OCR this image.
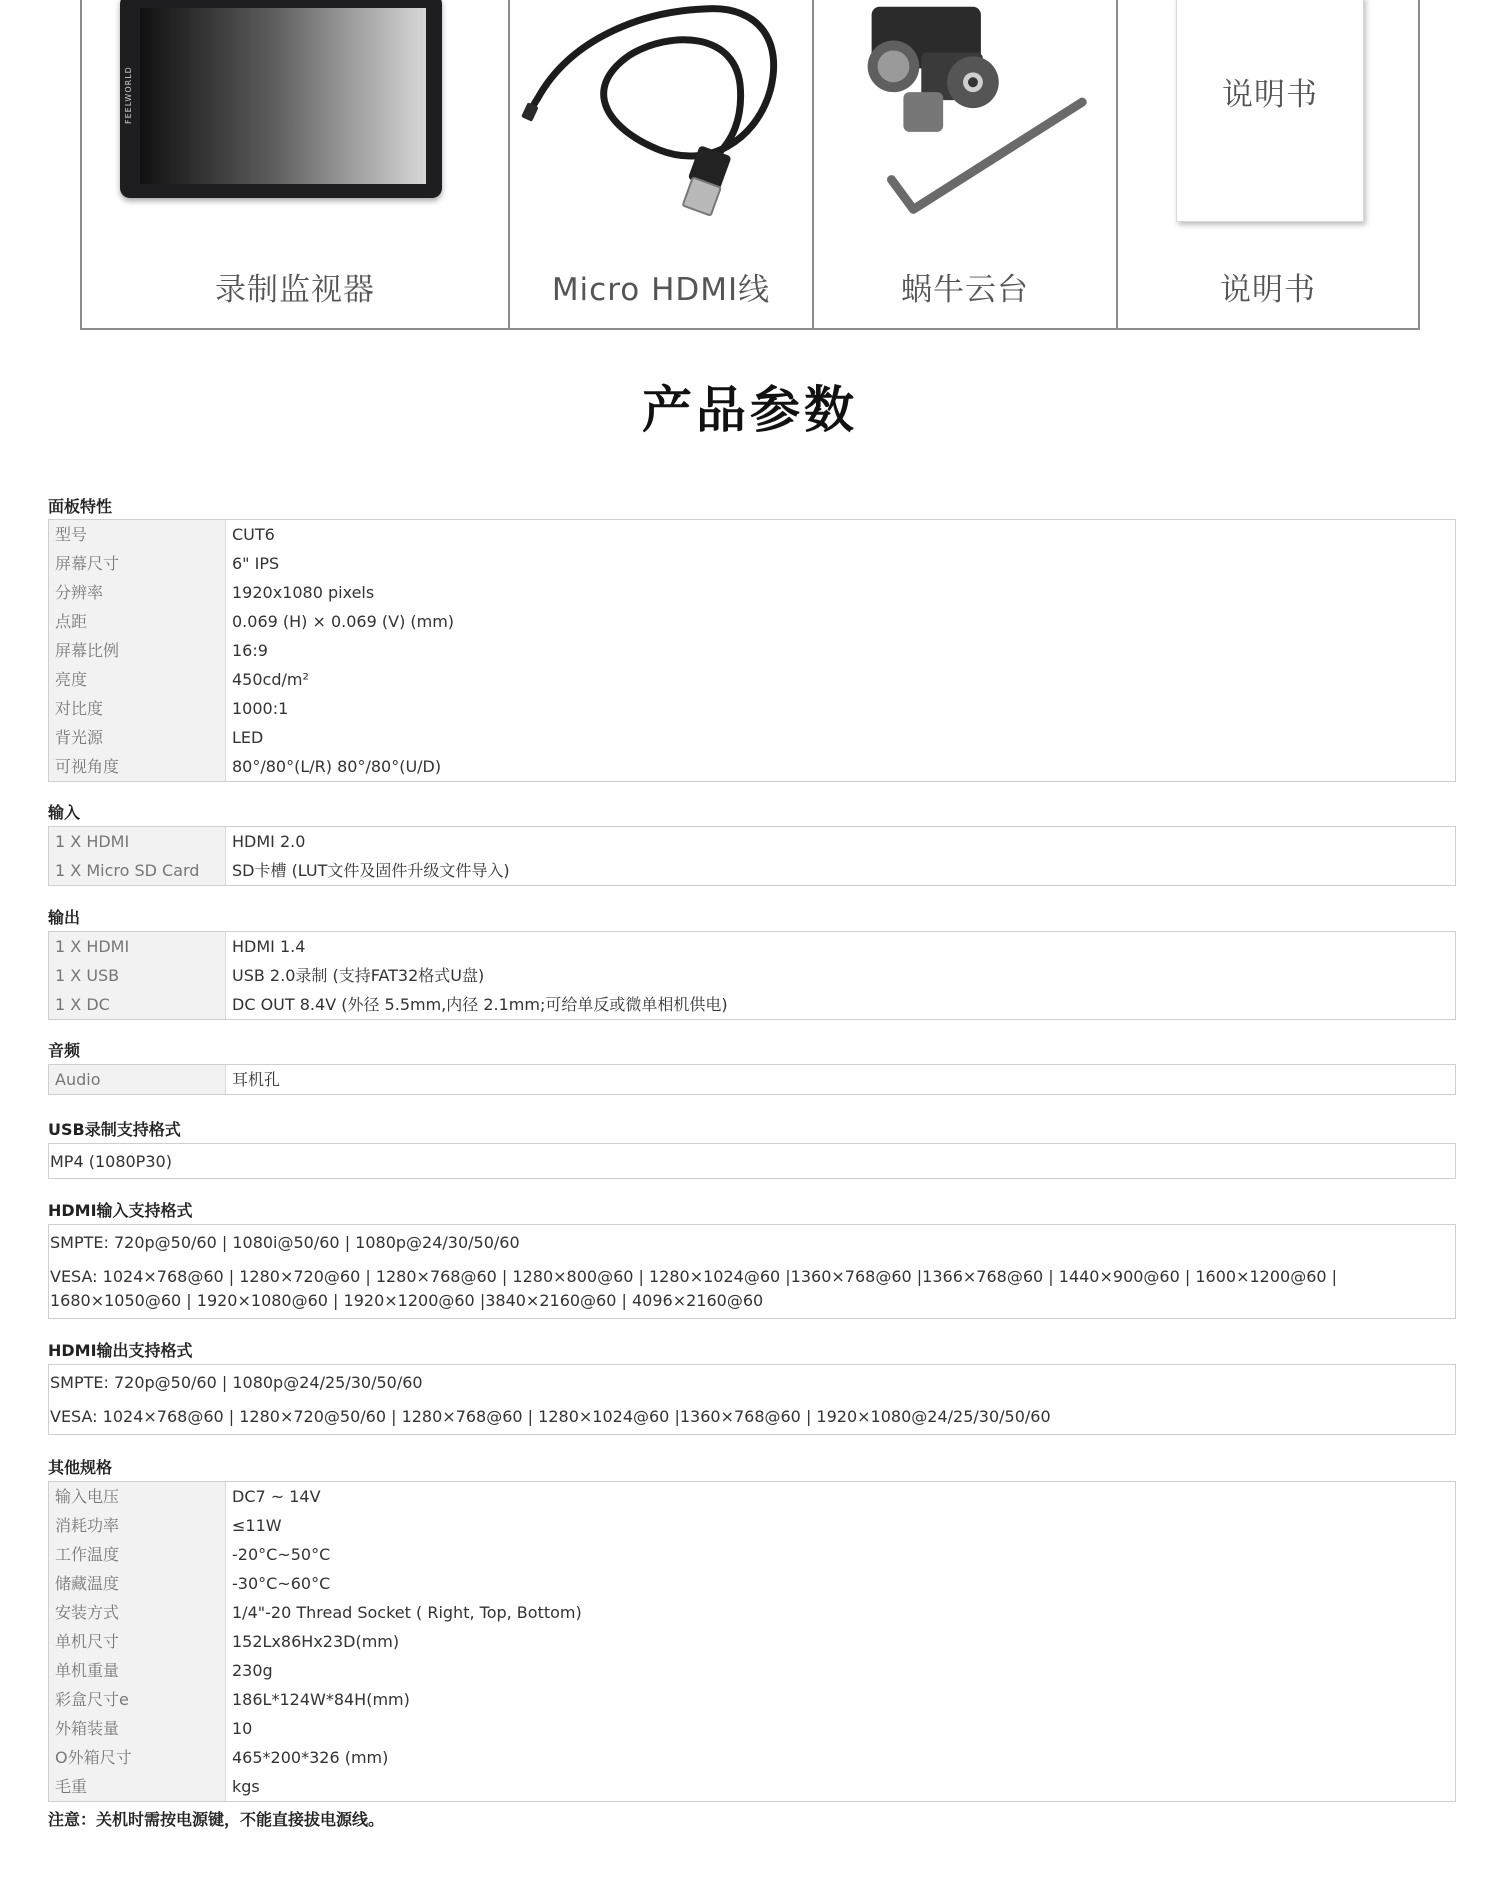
FEELWORLD
录制监视器	Micro HDMI线	蜗牛云台
说明书
说明书
产品参数
面板特性
型号	CUT6
屏幕尺寸	6" IPS
分辨率	1920x1080 pixels
点距	0.069 (H) × 0.069 (V) (mm)
屏幕比例	16:9
亮度	450cd/m²
对比度	1000:1
背光源	LED
可视角度	80°/80°(L/R) 80°/80°(U/D)
输入
1 X HDMI	HDMI 2.0
1 X Micro SD Card	SD卡槽 (LUT文件及固件升级文件导入)
输出
1 X HDMI	HDMI 1.4
1 X USB	USB 2.0录制 (支持FAT32格式U盘)
1 X DC	DC OUT 8.4V (外径 5.5mm,内径 2.1mm;可给单反或微单相机供电)
音频
Audio	耳机孔
USB录制支持格式

MP4 (1080P30)

HDMI输入支持格式

SMPTE: 720p@50/60 | 1080i@50/60 | 1080p@24/30/50/60

VESA: 1024×768@60 | 1280×720@60 | 1280×768@60 | 1280×800@60 | 1280×1024@60 |1360×768@60 |1366×768@60 | 1440×900@60 | 1600×1200@60 | 1680×1050@60 | 1920×1080@60 | 1920×1200@60 |3840×2160@60 | 4096×2160@60

HDMI输出支持格式

SMPTE: 720p@50/60 | 1080p@24/25/30/50/60

VESA: 1024×768@60 | 1280×720@50/60 | 1280×768@60 | 1280×1024@60 |1360×768@60 | 1920×1080@24/25/30/50/60

其他规格
输入电压	DC7 ~ 14V
消耗功率	≤11W
工作温度	-20°C~50°C
储藏温度	-30°C~60°C
安装方式	1/4"-20 Thread Socket ( Right, Top, Bottom)
单机尺寸	152Lx86Hx23D(mm)
单机重量	230g
彩盒尺寸e	186L*124W*84H(mm)
外箱装量	10
O外箱尺寸	465*200*326 (mm)
毛重	kgs
注意：关机时需按电源键，不能直接拔电源线。
